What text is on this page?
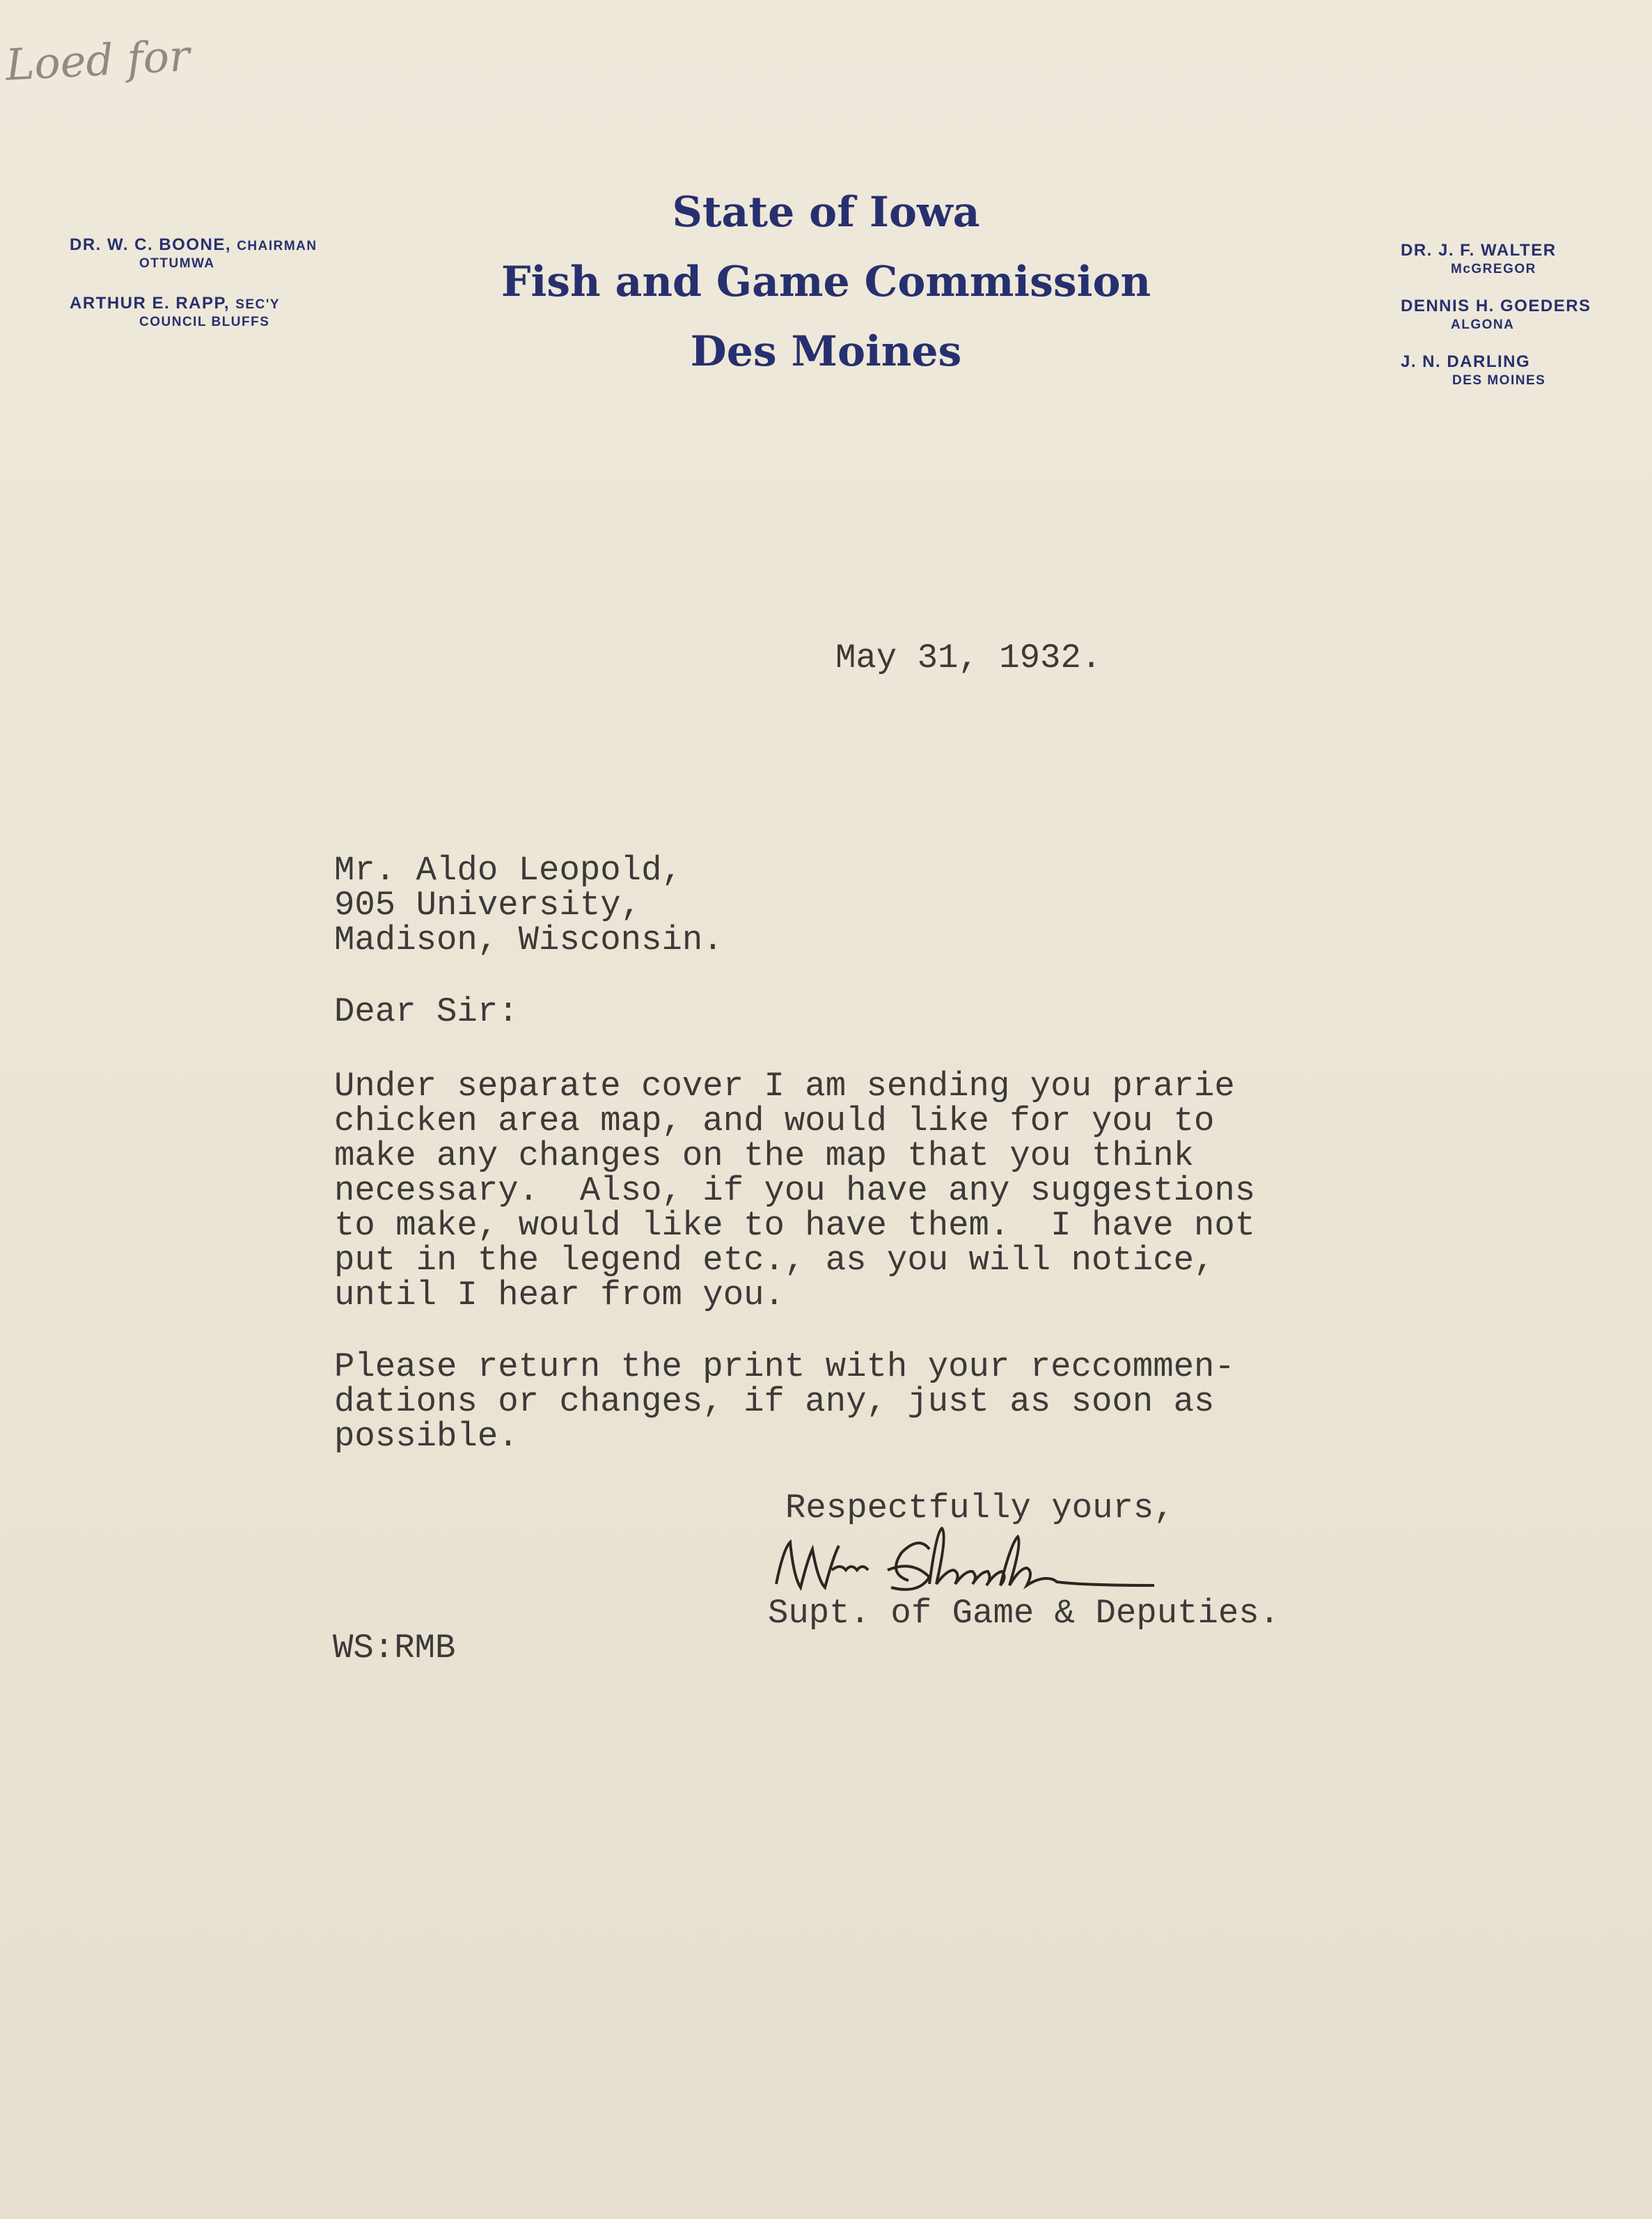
Loed for
DR. W. C. BOONE, CHAIRMAN
OTTUMWA
ARTHUR E. RAPP, SEC'Y
COUNCIL BLUFFS
State of Iowa
Fish and Game Commission
Des Moines
DR. J. F. WALTER
McGREGOR
DENNIS H. GOEDERS
ALGONA
J. N. DARLING
DES MOINES
May 31, 1932.
Mr. Aldo Leopold,
905 University,
Madison, Wisconsin.
Dear Sir:
Under separate cover I am sending you prarie
chicken area map, and would like for you to
make any changes on the map that you think
necessary.  Also, if you have any suggestions
to make, would like to have them.  I have not
put in the legend etc., as you will notice,
until I hear from you.
Please return the print with your reccommen-
dations or changes, if any, just as soon as
possible.
Respectfully yours,
Supt. of Game & Deputies.
WS:RMB
